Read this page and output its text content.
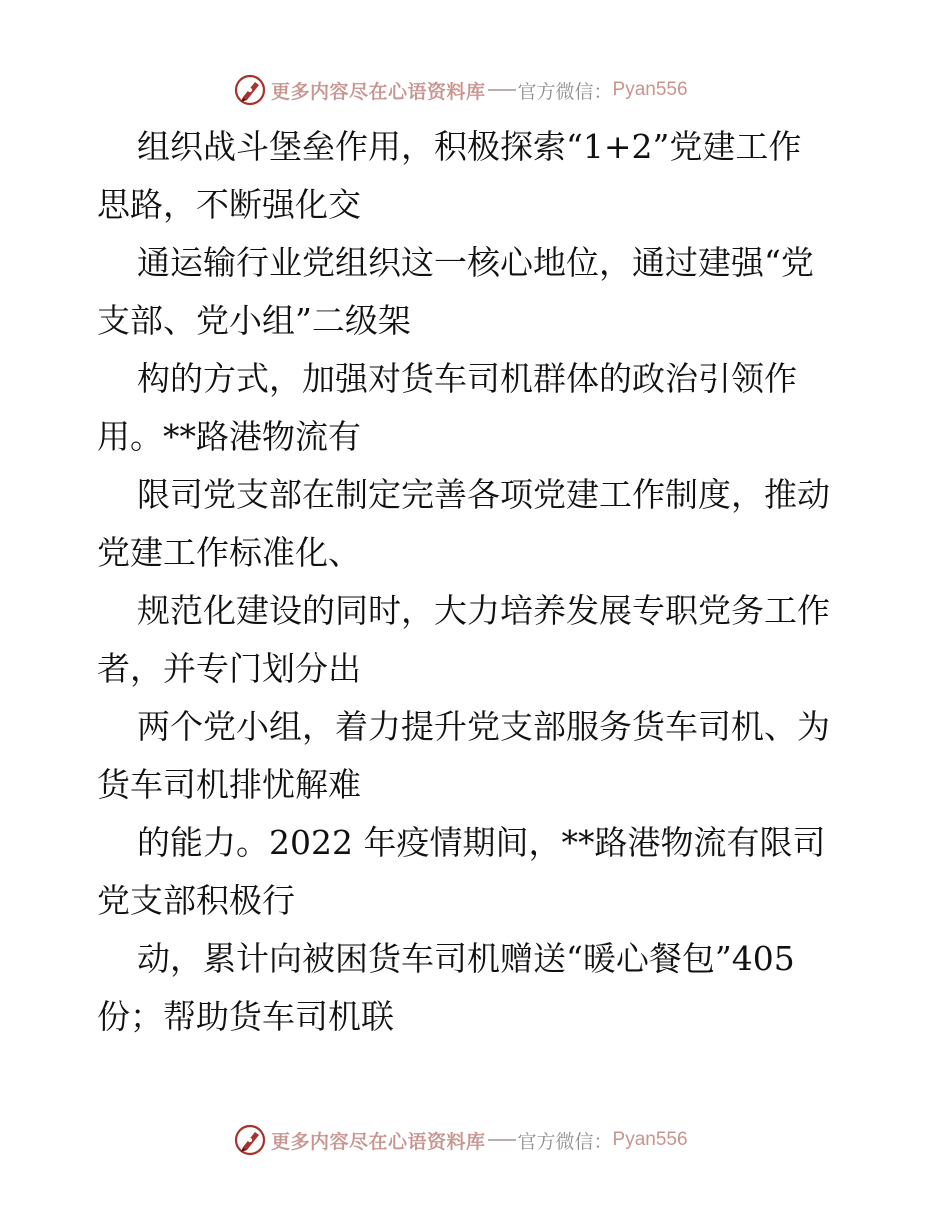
更多内容尽在心语资料库 官方微信： Pyan556

组织战斗堡垒作用，积极探索“1+2”党建工作
思路，不断强化交

通运输行业党组织这一核心地位，通过建强“党
支部、党小组”二级架

构的方式，加强对货车司机群体的政治引领作
用。**路港物流有

限司党支部在制定完善各项党建工作制度，推动
党建工作标准化、

规范化建设的同时，大力培养发展专职党务工作
者，并专门划分出

两个党小组，着力提升党支部服务货车司机、为
货车司机排忧解难

的能力。2022 年疫情期间，**路港物流有限司
党支部积极行

动，累计向被困货车司机赠送“暖心餐包”405
份；帮助货车司机联

更多内容尽在心语资料库 官方微信： Pyan556
